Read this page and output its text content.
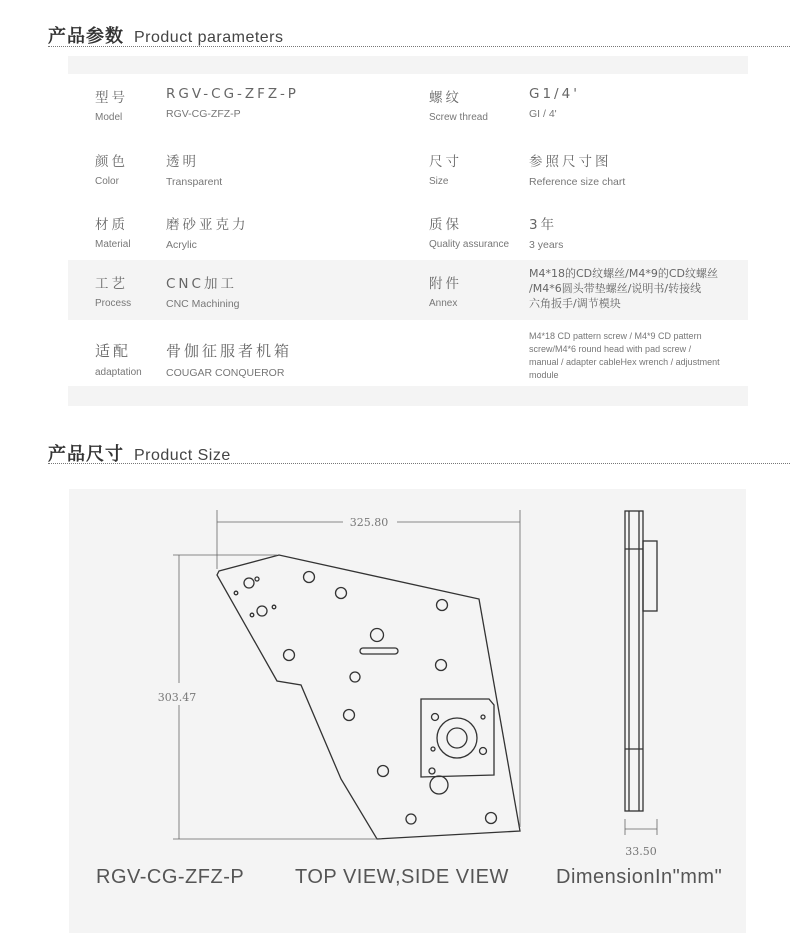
产品参数 Product parameters
型号
Model
RGV-CG-ZFZ-P
RGV-CG-ZFZ-P
螺纹
Screw thread
G1/4'
GI / 4'
颜色
Color
透明
Transparent
尺寸
Size
参照尺寸图
Reference size chart
材质
Material
磨砂亚克力
Acrylic
质保
Quality assurance
3年
3 years
工艺
Process
CNC加工
CNC Machining
附件
Annex
M4*18的CD纹螺丝/M4*9的CD纹螺丝
/M4*6圆头带垫螺丝/说明书/转接线
六角扳手/调节模块
适配
adaptation
骨伽征服者机箱
COUGAR CONQUEROR
M4*18 CD pattern screw / M4*9 CD pattern
screw/M4*6 round head with pad screw /
manual / adapter cableHex wrench / adjustment
module
产品尺寸 Product Size
325.80
303.47
33.50
RGV-CG-ZFZ-P	TOP VIEW,SIDE VIEW DimensionIn"mm"
